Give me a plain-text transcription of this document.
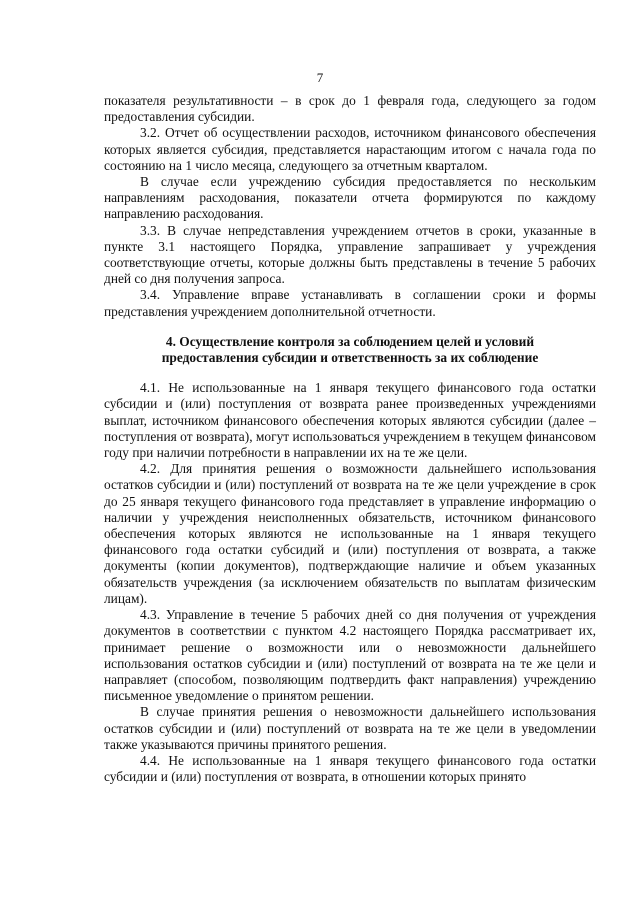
7

показателя результативности – в срок до 1 февраля года, следующего за годом предоставления субсидии.

3.2. Отчет об осуществлении расходов, источником финансового обеспечения которых является субсидия, представляется нарастающим итогом с начала года по состоянию на 1 число месяца, следующего за отчетным кварталом.

В случае если учреждению субсидия предоставляется по нескольким направлениям расходования, показатели отчета формируются по каждому направлению расходования.

3.3. В случае непредставления учреждением отчетов в сроки, указанные в пункте 3.1 настоящего Порядка, управление запрашивает у учреждения соответствующие отчеты, которые должны быть представлены в течение 5 рабочих дней со дня получения запроса.

3.4. Управление вправе устанавливать в соглашении сроки и формы представления учреждением дополнительной отчетности.

4. Осуществление контроля за соблюдением целей и условий предоставления субсидии и ответственность за их соблюдение

4.1. Не использованные на 1 января текущего финансового года остатки субсидии и (или) поступления от возврата ранее произведенных учреждениями выплат, источником финансового обеспечения которых являются субсидии (далее – поступления от возврата), могут использоваться учреждением в текущем финансовом году при наличии потребности в направлении их на те же цели.

4.2. Для принятия решения о возможности дальнейшего использования остатков субсидии и (или) поступлений от возврата на те же цели учреждение в срок до 25 января текущего финансового года представляет в управление информацию о наличии у учреждения неисполненных обязательств, источником финансового обеспечения которых являются не использованные на 1 января текущего финансового года остатки субсидий и (или) поступления от возврата, а также документы (копии документов), подтверждающие наличие и объем указанных обязательств учреждения (за исключением обязательств по выплатам физическим лицам).

4.3. Управление в течение 5 рабочих дней со дня получения от учреждения документов в соответствии с пунктом 4.2 настоящего Порядка рассматривает их, принимает решение о возможности или о невозможности дальнейшего использования остатков субсидии и (или) поступлений от возврата на те же цели и направляет (способом, позволяющим подтвердить факт направления) учреждению письменное уведомление о принятом решении.

В случае принятия решения о невозможности дальнейшего использования остатков субсидии и (или) поступлений от возврата на те же цели в уведомлении также указываются причины принятого решения.

4.4. Не использованные на 1 января текущего финансового года остатки субсидии и (или) поступления от возврата, в отношении которых принято
